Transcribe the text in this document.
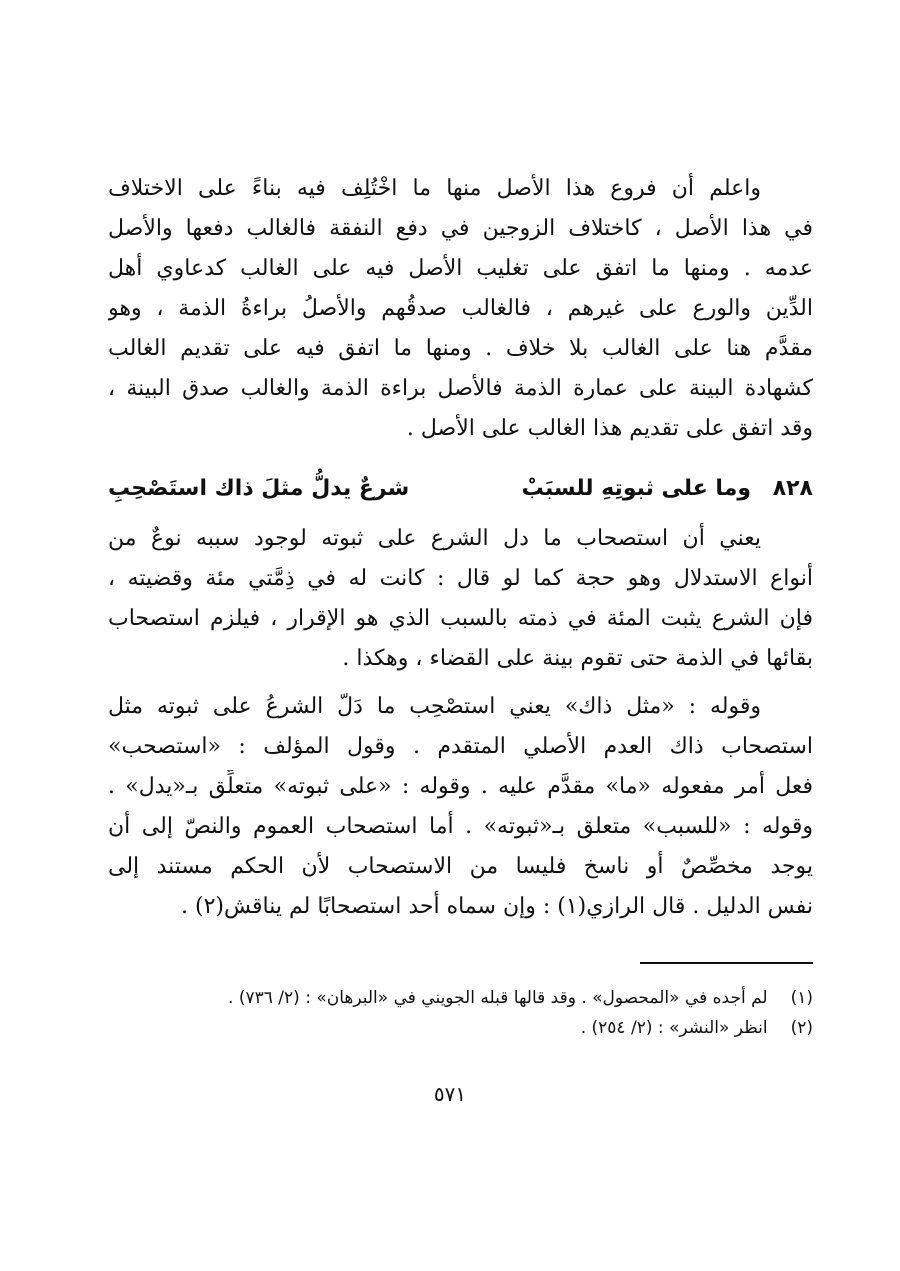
واعلم أن فروع هذا الأصل منها ما اخْتُلِف فيه بناءً على الاختلاف
في هذا الأصل ، كاختلاف الزوجين في دفع النفقة فالغالب دفعها والأصل
عدمه . ومنها ما اتفق على تغليب الأصل فيه على الغالب كدعاوي أهل
الدِّين والورع على غيرهم ، فالغالب صدقُهم والأصلُ براءةُ الذمة ، وهو
مقدَّم هنا على الغالب بلا خلاف . ومنها ما اتفق فيه على تقديم الغالب
كشهادة البينة على عمارة الذمة فالأصل براءة الذمة والغالب صدق البينة ،
وقد اتفق على تقديم هذا الغالب على الأصل .
٨٢٨
وما على ثبوتِهِ للسبَبْ
شرعٌ يدلُّ مثلَ ذاك استَصْحِبِ
يعني أن استصحاب ما دل الشرع على ثبوته لوجود سببه نوعٌ من
أنواع الاستدلال وهو حجة كما لو قال : كانت له في ذِمَّتي مئة وقضيته ،
فإن الشرع يثبت المئة في ذمته بالسبب الذي هو الإقرار ، فيلزم استصحاب
بقائها في الذمة حتى تقوم بينة على القضاء ، وهكذا .
وقوله : «مثل ذاك» يعني استصْحِب ما دَلّ الشرعُ على ثبوته مثل
استصحاب ذاك العدم الأصلي المتقدم . وقول المؤلف : «استصحب»
فعل أمر مفعوله «ما» مقدَّم عليه . وقوله : «على ثبوته» متعلِّق بـ«يدل» .
وقوله : «للسبب» متعلق بـ«ثبوته» . أما استصحاب العموم والنصّ إلى أن
يوجد مخصِّصٌ أو ناسخ فليسا من الاستصحاب لأن الحكم مستند إلى
نفس الدليل . قال الرازي(١) : وإن سماه أحد استصحابًا لم يناقش(٢) .
(١) لم أجده في «المحصول» . وقد قالها قبله الجويني في «البرهان» : (٢/ ٧٣٦) .
(٢) انظر «النشر» : (٢/ ٢٥٤) .
٥٧١
